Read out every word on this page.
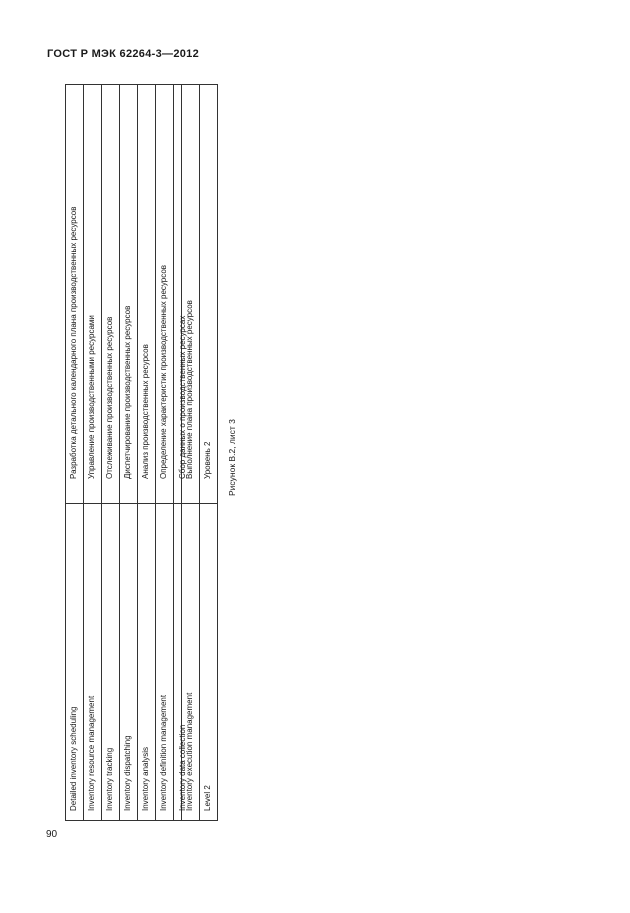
ГОСТ Р МЭК 62264-3—2012
Detailed inventory scheduling Inventory resource management Inventory tracking Inventory dispatching Inventory analysis Inventory definition management Inventory data collection
Inventory execution management Level 2
Разработка детального календарного плана производственных ресурсов Управление производственными ресурсами Отслеживание производственных ресурсов Диспетчирование производственных ресурсов Анализ производственных ресурсов Определение характеристик производственных ресурсов Сбор данных о производственных ресурсах
Выполнение плана производственных ресурсов Уровень 2 Рисунок В.2, лист 3
90
